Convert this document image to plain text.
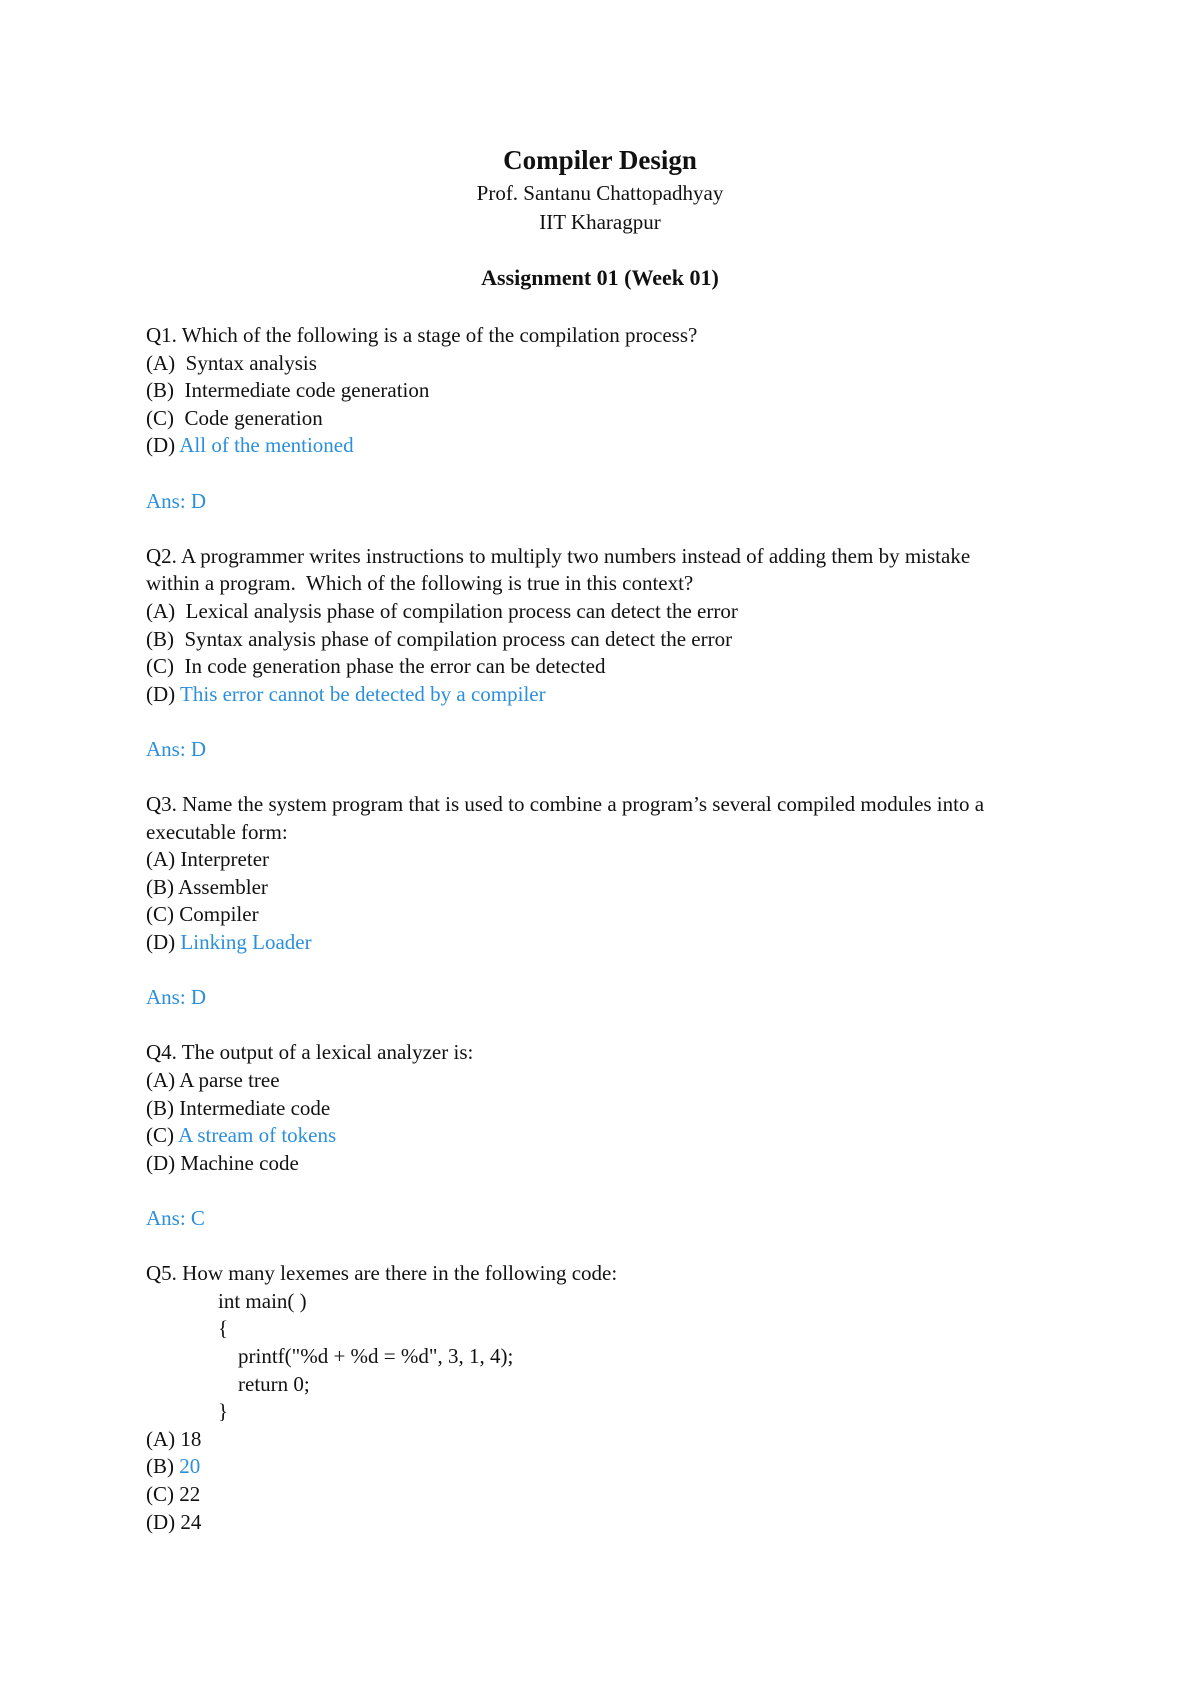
Compiler Design
Prof. Santanu Chattopadhyay
IIT Kharagpur
Assignment 01 (Week 01)
Q1. Which of the following is a stage of the compilation process?
(A)  Syntax analysis
(B)  Intermediate code generation
(C)  Code generation
(D) All of the mentioned
Ans: D
Q2. A programmer writes instructions to multiply two numbers instead of adding them by mistake
within a program.  Which of the following is true in this context?
(A)  Lexical analysis phase of compilation process can detect the error
(B)  Syntax analysis phase of compilation process can detect the error
(C)  In code generation phase the error can be detected
(D) This error cannot be detected by a compiler
Ans: D
Q3. Name the system program that is used to combine a program’s several compiled modules into a
executable form:
(A) Interpreter
(B) Assembler
(C) Compiler
(D) Linking Loader
Ans: D
Q4. The output of a lexical analyzer is:
(A) A parse tree
(B) Intermediate code
(C) A stream of tokens
(D) Machine code
Ans: C
Q5. How many lexemes are there in the following code:
int main( )
{
printf("%d + %d = %d", 3, 1, 4);
return 0;
}
(A) 18
(B) 20
(C) 22
(D) 24
